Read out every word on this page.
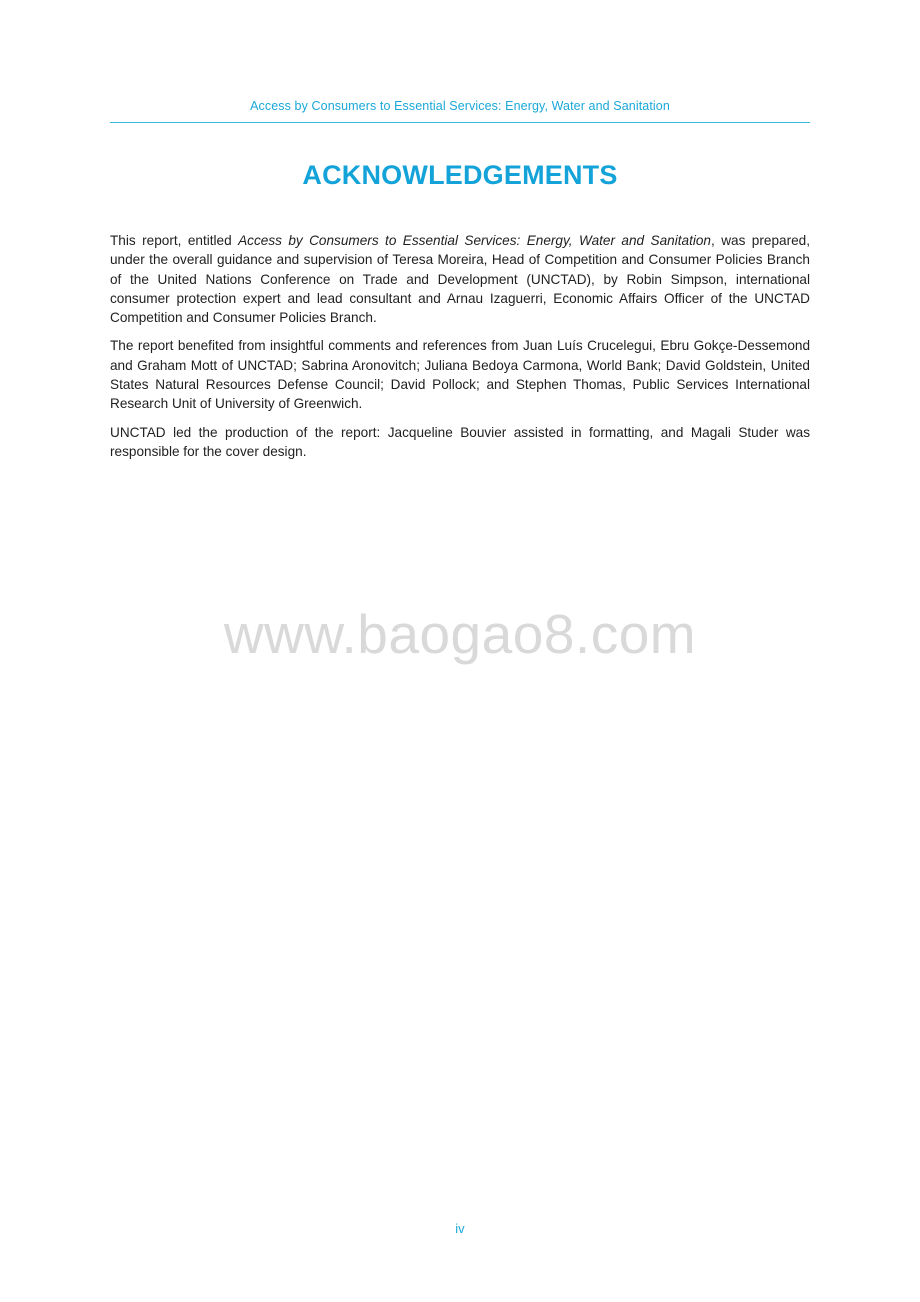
Access by Consumers to Essential Services: Energy, Water and Sanitation
ACKNOWLEDGEMENTS

This report, entitled Access by Consumers to Essential Services: Energy, Water and Sanitation, was prepared, under the overall guidance and supervision of Teresa Moreira, Head of Competition and Consumer Policies Branch of the United Nations Conference on Trade and Development (UNCTAD), by Robin Simpson, international consumer protection expert and lead consultant and Arnau Izaguerri, Economic Affairs Officer of the UNCTAD Competition and Consumer Policies Branch.

The report benefited from insightful comments and references from Juan Luís Crucelegui, Ebru Gokçe-Dessemond and Graham Mott of UNCTAD; Sabrina Aronovitch; Juliana Bedoya Carmona, World Bank; David Goldstein, United States Natural Resources Defense Council; David Pollock; and Stephen Thomas, Public Services International Research Unit of University of Greenwich.

UNCTAD led the production of the report: Jacqueline Bouvier assisted in formatting, and Magali Studer was responsible for the cover design.

www.baogao8.com
iv
